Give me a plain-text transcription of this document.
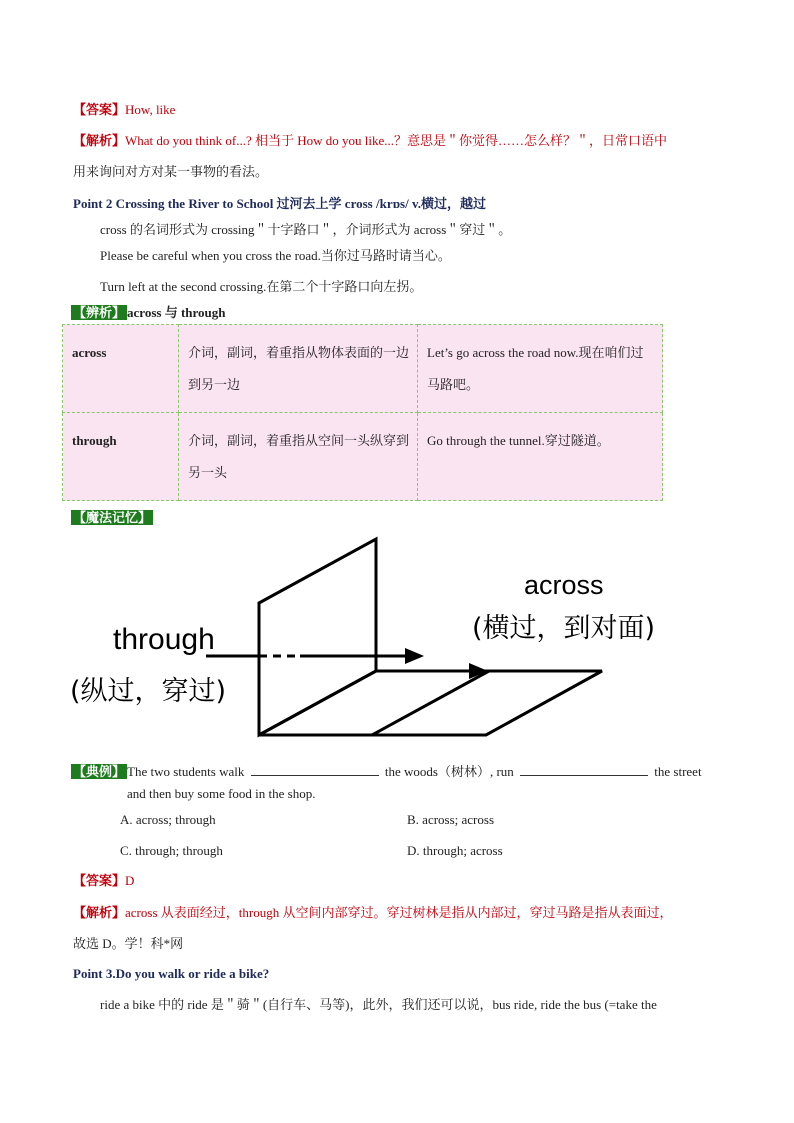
【答案】How, like
【解析】What do you think of...? 相当于 How do you like...？意思是＂你觉得……怎么样？＂，日常口语中
用来询问对方对某一事物的看法。
Point 2 Crossing the River to School 过河去上学 cross /krɒs/ v.横过，越过
cross 的名词形式为 crossing＂十字路口＂，介词形式为 across＂穿过＂。
Please be careful when you cross the road.当你过马路时请当心。
Turn left at the second crossing.在第二个十字路口向左拐。
【辨析】 across 与 through
across	介词，副词，着重指从物体表面的一边到另一边	Let’s go across the road now.现在咱们过马路吧。
through	介词，副词，着重指从空间一头纵穿到另一头	Go through the tunnel.穿过隧道。
【魔法记忆】
through
(纵过，穿过)
across
(横过，到对面)
【典例】 The two students walk	the woods（树林）, run	the street
and then buy some food in the shop.
A. across; through	B. across; across
C. through; through	D. through; across
【答案】D
【解析】across 从表面经过，through 从空间内部穿过。穿过树林是指从内部过，穿过马路是指从表面过，
故选 D。学！科*网
Point 3.Do you walk or ride a bike?
ride a bike 中的 ride 是＂骑＂(自行车、马等)，此外，我们还可以说，bus ride, ride the bus (=take the
